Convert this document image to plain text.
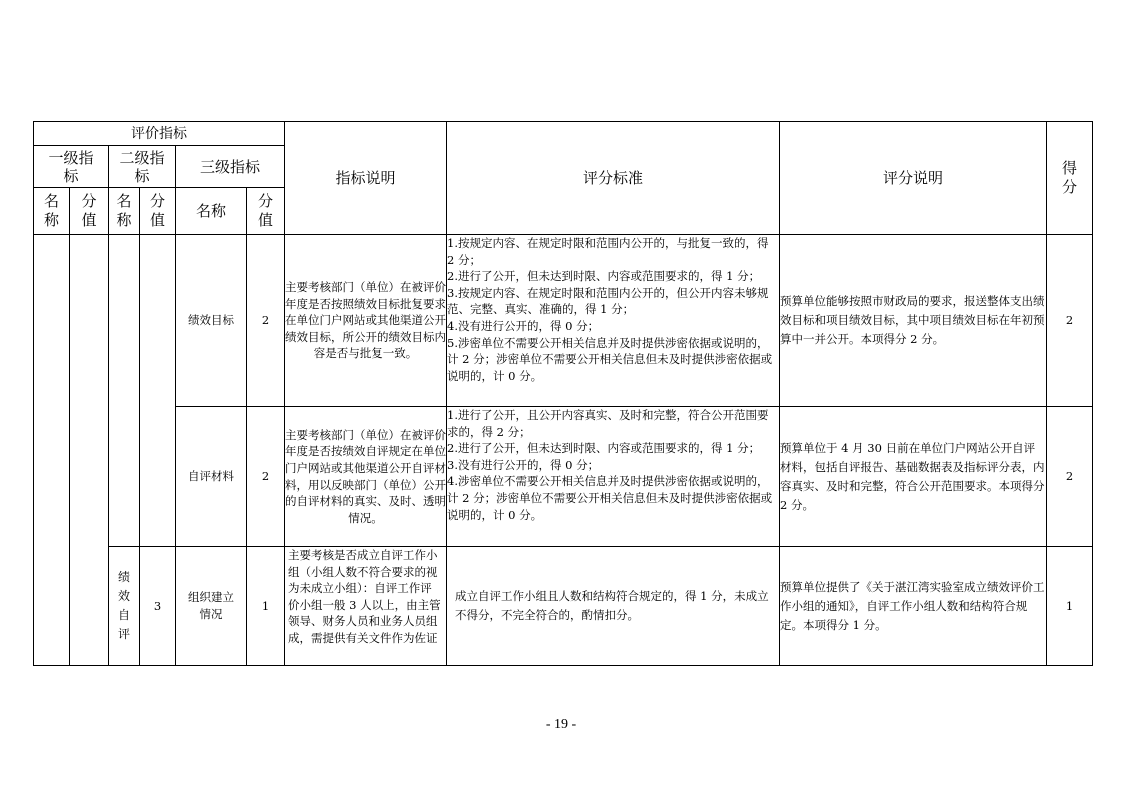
评价指标						指标说明	评分标准	评分说明	得分

一级指标		二级指标		三级指标					

名称	分值	名称	分值	名称	分值				

				绩效目标	2	主要考核部门（单位）在被评价年度是否按照绩效目标批复要求在单位门户网站或其他渠道公开绩效目标，所公开的绩效目标内容是否与批复一致。	1.按规定内容、在规定时限和范围内公开的，与批复一致的，得 2 分；
2.进行了公开，但未达到时限、内容或范围要求的，得 1 分；
3.按规定内容、在规定时限和范围内公开的，但公开内容未够规范、完整、真实、准确的，得 1 分；
4.没有进行公开的，得 0 分；
5.涉密单位不需要公开相关信息并及时提供涉密依据或说明的，计 2 分；涉密单位不需要公开相关信息但未及时提供涉密依据或说明的，计 0 分。	预算单位能够按照市财政局的要求，报送整体支出绩效目标和项目绩效目标，其中项目绩效目标在年初预算中一并公开。本项得分 2 分。	2
				自评材料	2	主要考核部门（单位）在被评价年度是否按绩效自评规定在单位门户网站或其他渠道公开自评材料，用以反映部门（单位）公开的自评材料的真实、及时、透明情况。	1.进行了公开，且公开内容真实、及时和完整，符合公开范围要求的，得 2 分；
2.进行了公开，但未达到时限、内容或范围要求的，得 1 分；
3.没有进行公开的，得 0 分；
4.涉密单位不需要公开相关信息并及时提供涉密依据或说明的，计 2 分；涉密单位不需要公开相关信息但未及时提供涉密依据或说明的，计 0 分。	预算单位于 4 月 30 日前在单位门户网站公开自评材料，包括自评报告、基础数据表及指标评分表，内容真实、及时和完整，符合公开范围要求。本项得分 2 分。	2

		绩效自评	3	组织建立情况	1	主要考核是否成立自评工作小组（小组人数不符合要求的视为未成立小组）：自评工作评价小组一般 3 人以上，由主管领导、财务人员和业务人员组成，需提供有关文件作为佐证	成立自评工作小组且人数和结构符合规定的，得 1 分，未成立不得分，不完全符合的，酌情扣分。	预算单位提供了《关于湛江湾实验室成立绩效评价工作小组的通知》，自评工作小组人数和结构符合规定。本项得分 1 分。	1
- 19 -
